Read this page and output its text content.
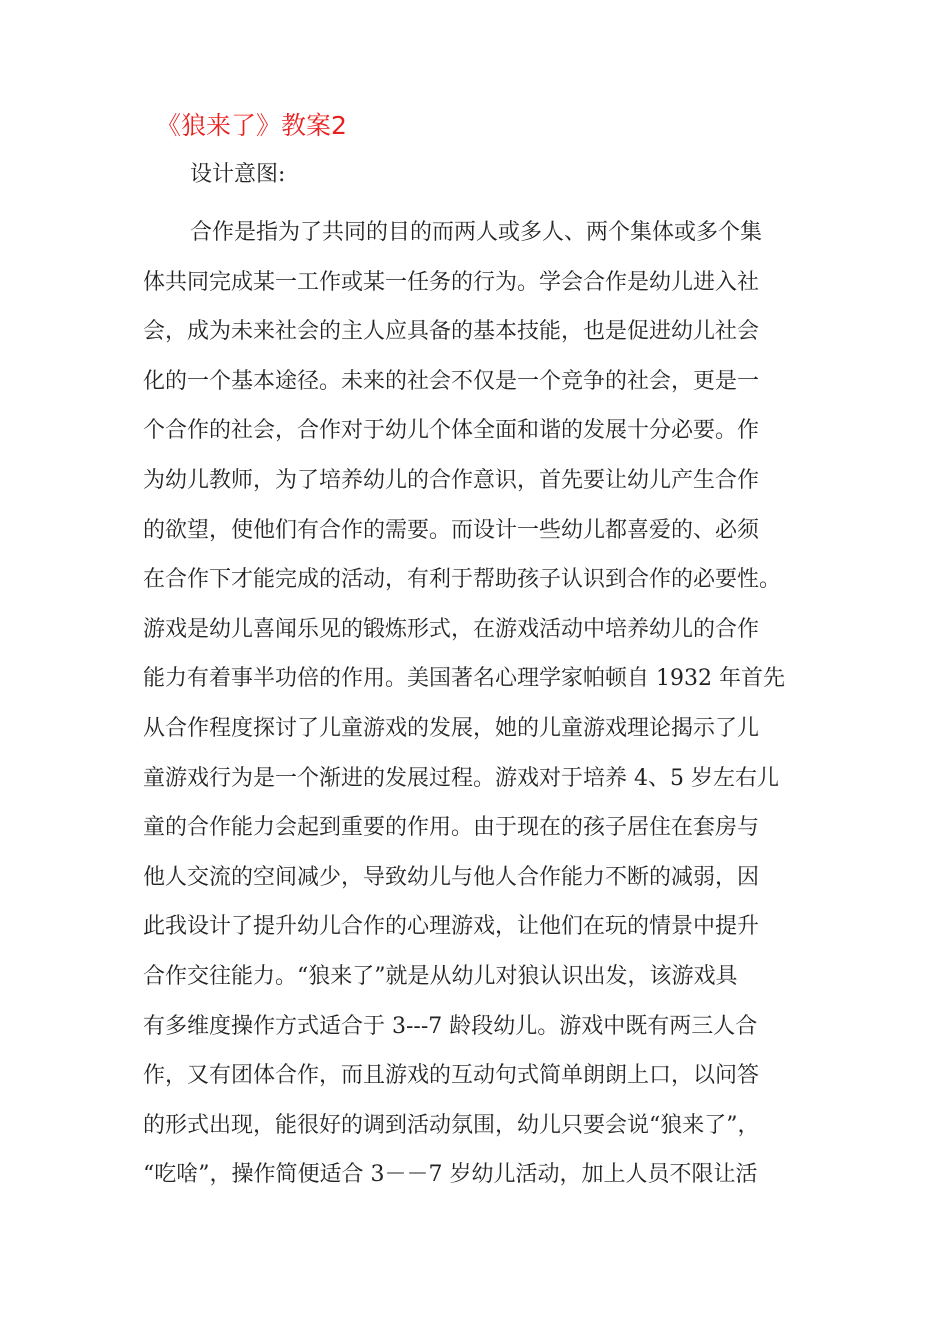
《狼来了》教案2
设计意图:
合作是指为了共同的目的而两人或多人、两个集体或多个集
体共同完成某一工作或某一任务的行为。学会合作是幼儿进入社
会，成为未来社会的主人应具备的基本技能，也是促进幼儿社会
化的一个基本途径。未来的社会不仅是一个竞争的社会，更是一
个合作的社会，合作对于幼儿个体全面和谐的发展十分必要。作
为幼儿教师，为了培养幼儿的合作意识，首先要让幼儿产生合作
的欲望，使他们有合作的需要。而设计一些幼儿都喜爱的、必须
在合作下才能完成的活动，有利于帮助孩子认识到合作的必要性。
游戏是幼儿喜闻乐见的锻炼形式，在游戏活动中培养幼儿的合作
能力有着事半功倍的作用。美国著名心理学家帕顿自 1932 年首先
从合作程度探讨了儿童游戏的发展，她的儿童游戏理论揭示了儿
童游戏行为是一个渐进的发展过程。游戏对于培养 4、5 岁左右儿
童的合作能力会起到重要的作用。由于现在的孩子居住在套房与
他人交流的空间减少，导致幼儿与他人合作能力不断的减弱，因
此我设计了提升幼儿合作的心理游戏，让他们在玩的情景中提升
合作交往能力。“狼来了”就是从幼儿对狼认识出发，该游戏具
有多维度操作方式适合于 3---7 龄段幼儿。游戏中既有两三人合
作，又有团体合作，而且游戏的互动句式简单朗朗上口，以问答
的形式出现，能很好的调到活动氛围，幼儿只要会说“狼来了”，
“吃啥”，操作简便适合 3－－7 岁幼儿活动，加上人员不限让活
